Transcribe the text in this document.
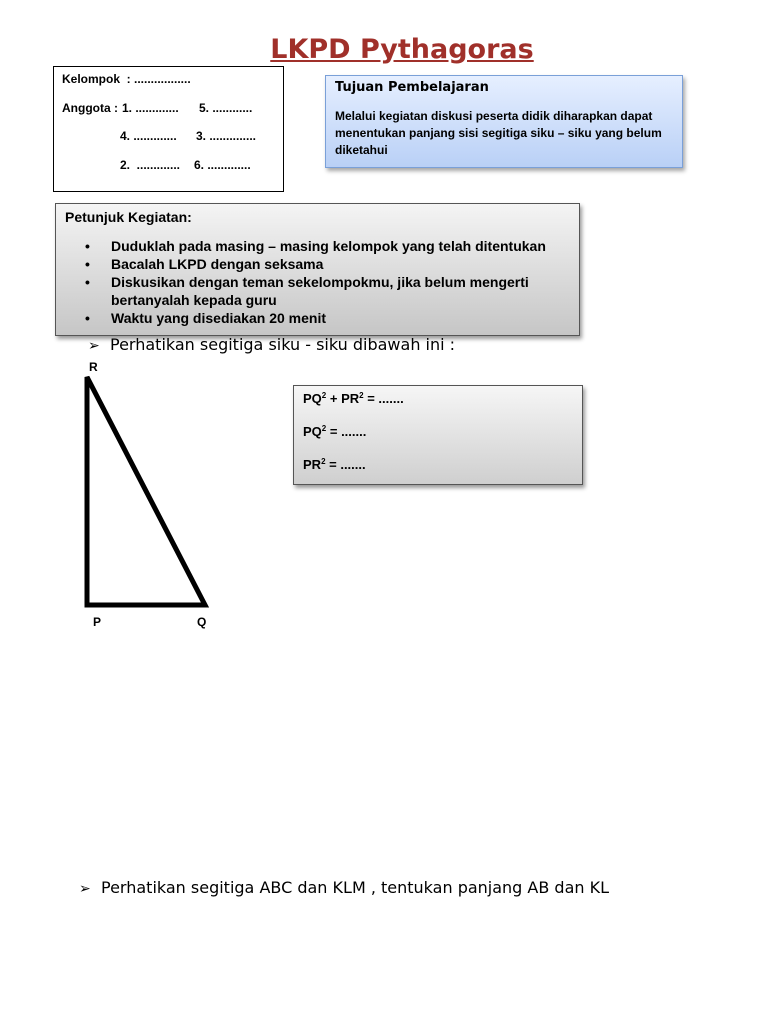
LKPD Pythagoras
Kelompok  : .................
Anggota : 1. ............. 5. ............
4. ............. 3. ..............
2.  ............. 6. .............
Tujuan Pembelajaran
Melalui kegiatan diskusi peserta didik diharapkan dapat menentukan panjang sisi segitiga siku – siku yang belum diketahui
Petunjuk Kegiatan:
• Duduklah pada masing – masing kelompok yang telah ditentukan
• Bacalah LKPD dengan seksama
• Diskusikan dengan teman sekelompokmu, jika belum mengerti bertanyalah kepada guru
• Waktu yang disediakan 20 menit
➢ Perhatikan segitiga siku - siku dibawah ini :
R
P	Q
$PQ^2 + PR^2$ = .......
$PQ^2$ = .......
$PR^2$ = .......
➢ Perhatikan segitiga ABC dan KLM , tentukan panjang AB dan KL
